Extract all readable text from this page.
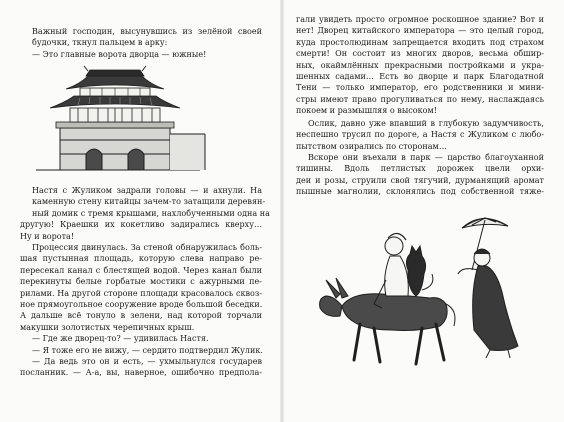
Важный господин, высунувшись из зелёной своей
будочки, ткнул пальцем в арку:
— Это главные ворота дворца — южные!
Настя с Жуликом задрали головы — и ахнули. На
каменную стену китайцы зачем-то затащили деревян-
ный домик с тремя крышами, нахлобученными одна на
другую! Краешки их кокетливо задирались кверху…
Ну и ворота!
Процессия двинулась. За стеной обнаружилась боль-
шая пустынная площадь, которую слева направо ре-
пересекал канал с блестящей водой. Через канал были
перекинуты белые горбатые мостики с ажурными пе-
рилами. На другой стороне площади красовалось сквоз-
ное прямоугольное сооружение вроде большой беседки.
А дальше всё тонуло в зелени, над которой торчали
макушки золотистых черепичных крыш.
— Где же дворец-то? — удивилась Настя.
— Я тоже его не вижу, — сердито подтвердил Жулик.
— Да ведь это он и есть, — ухмыльнулся государев
посланник. — А-а, вы, наверное, ошибочно предпола-
гали увидеть просто огромное роскошное здание? Вот и
нет! Дворец китайского императора — это целый город,
куда простолюдинам запрещается входить под страхом
смерти! Он состоит из многих дворов, весьма обшир-
ных, окаймлённых прекрасными постройками и укра-
шенных садами… Есть во дворце и парк Благодатной
Тени — только император, его родственники и мини-
стры имеют право прогуливаться по нему, наслаждаясь
покоем и размышляя о высоком!
Ослик, давно уже впавший в глубокую задумчивость,
неспешно трусил по дороге, а Настя с Жуликом с любо-
пытством озирались по сторонам…
Вскоре они въехали в парк — царство благоуханной
тишины. Вдоль петлистых дорожек цвели орхи-
деи и розы, струили свой тягучий, дурманящий аромат
пышные магнолии, склонялись под собственной тяже-
